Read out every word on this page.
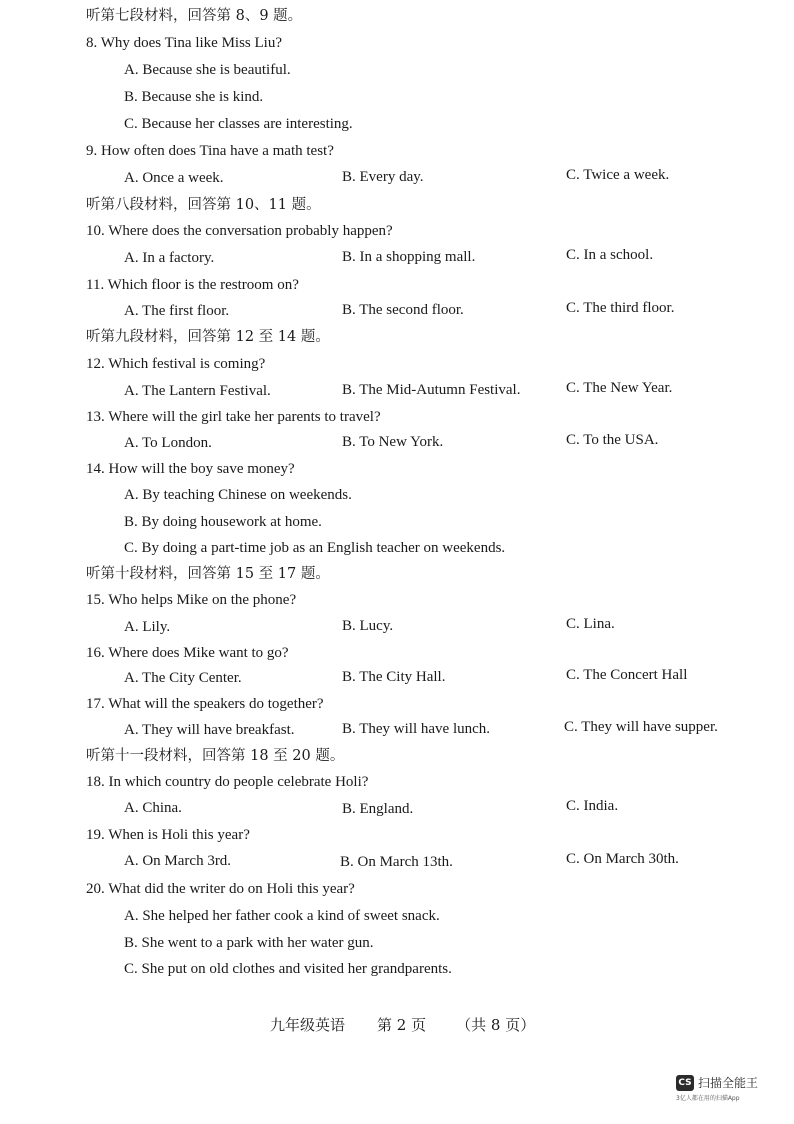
听第七段材料，回答第 8、9 题。
8. Why does Tina like Miss Liu?
A. Because she is beautiful.
B. Because she is kind.
C. Because her classes are interesting.
9. How often does Tina have a math test?
A. Once a week.	B. Every day.	C. Twice a week.
听第八段材料，回答第 10、11 题。
10. Where does the conversation probably happen?
A. In a factory.	B. In a shopping mall.	C. In a school.
11. Which floor is the restroom on?
A. The first floor.	B. The second floor.	C. The third floor.
听第九段材料，回答第 12 至 14 题。
12. Which festival is coming?
A. The Lantern Festival.	B. The Mid-Autumn Festival.	C. The New Year.
13. Where will the girl take her parents to travel?
A. To London.	B. To New York.	C. To the USA.
14. How will the boy save money?
A. By teaching Chinese on weekends.
B. By doing housework at home.
C. By doing a part-time job as an English teacher on weekends.
听第十段材料，回答第 15 至 17 题。
15. Who helps Mike on the phone?
A. Lily.	B. Lucy.	C. Lina.
16. Where does Mike want to go?
A. The City Center.	B. The City Hall.	C. The Concert Hall
17. What will the speakers do together?
A. They will have breakfast.	B. They will have lunch.	C. They will have supper.
听第十一段材料，回答第 18 至 20 题。
18. In which country do people celebrate Holi?
A. China.	B. England.	C. India.
19. When is Holi this year?
A. On March 3rd.	B. On March 13th.	C. On March 30th.
20. What did the writer do on Holi this year?
A. She helped her father cook a kind of sweet snack.
B. She went to a park with her water gun.
C. She put on old clothes and visited her grandparents.
九年级英语 第 2 页 （共 8 页）
CS 扫描全能王
3亿人都在用的扫描App
